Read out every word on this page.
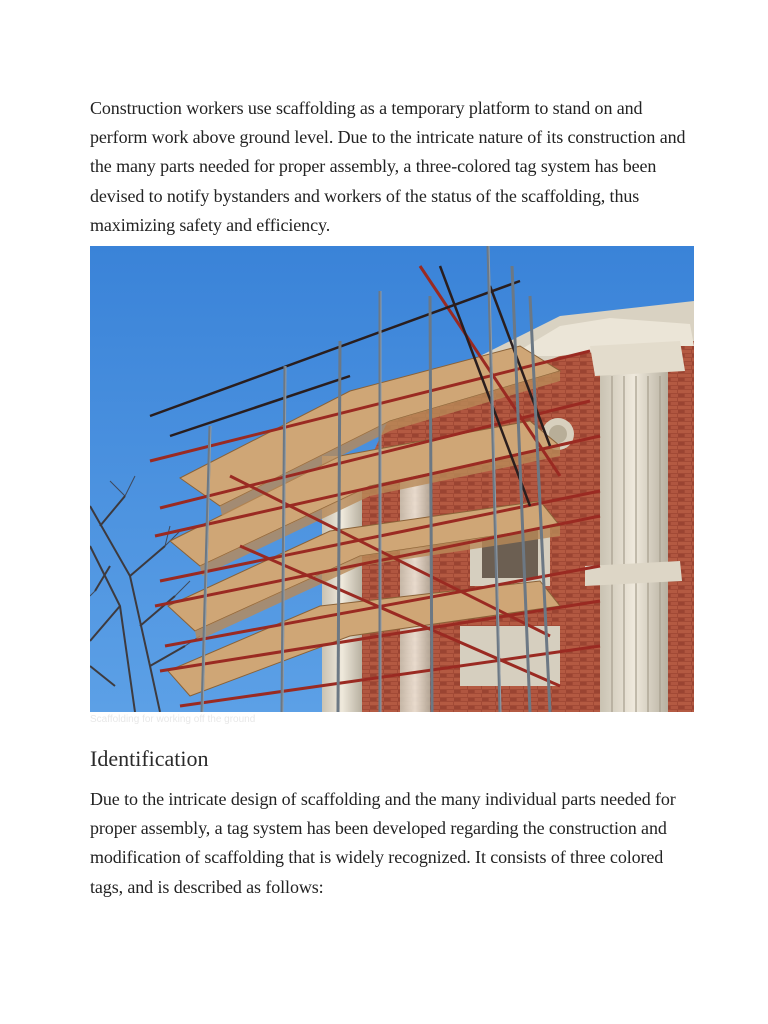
Construction workers use scaffolding as a temporary platform to stand on and perform work above ground level. Due to the intricate nature of its construction and the many parts needed for proper assembly, a three-colored tag system has been devised to notify bystanders and workers of the status of the scaffolding, thus maximizing safety and efficiency.

Scaffolding for working off the ground
Identification

Due to the intricate design of scaffolding and the many individual parts needed for proper assembly, a tag system has been developed regarding the construction and modification of scaffolding that is widely recognized. It consists of three colored tags, and is described as follows:
